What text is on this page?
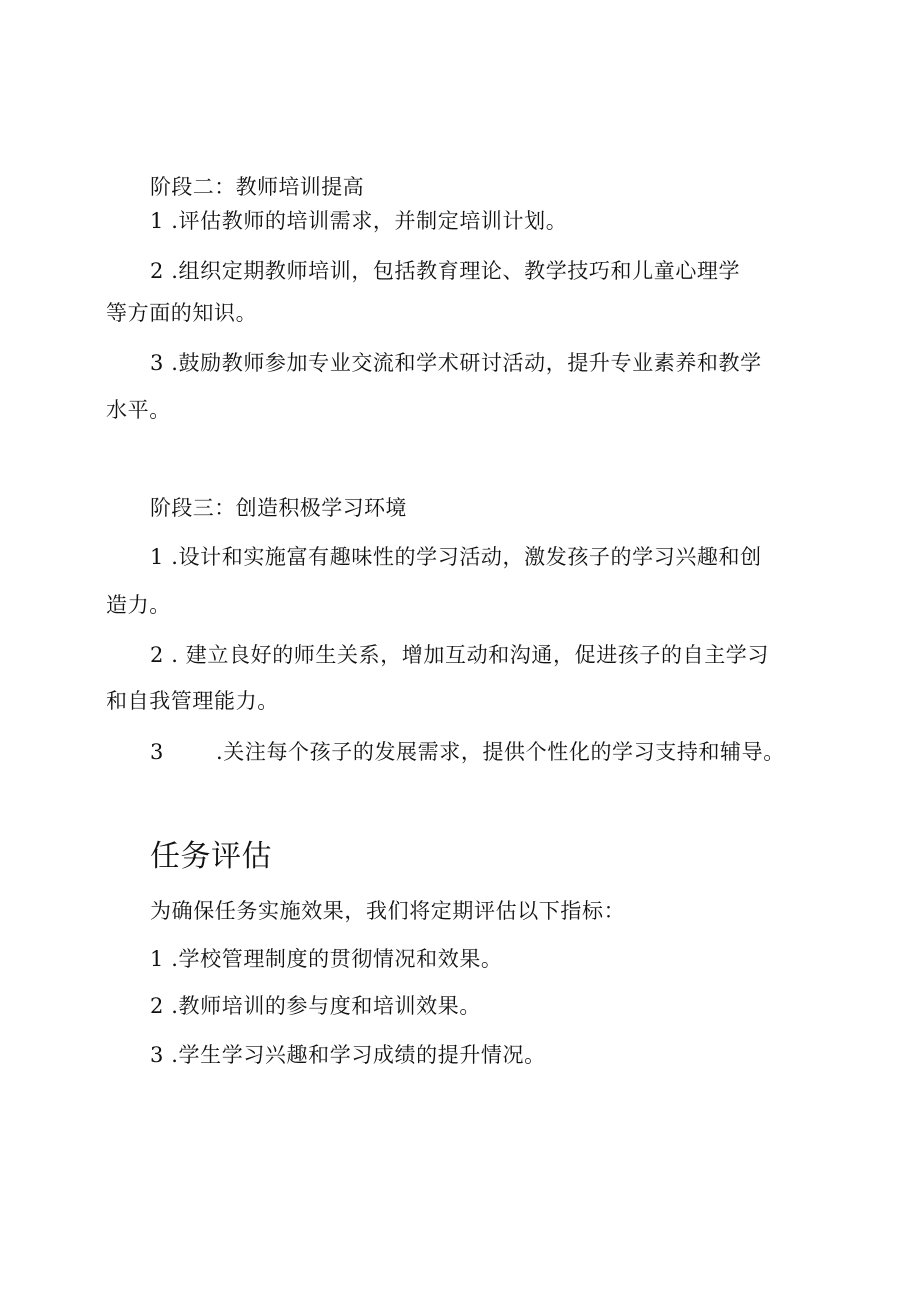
阶段二：教师培训提高
1 .评估教师的培训需求，并制定培训计划。
2 .组织定期教师培训，包括教育理论、教学技巧和儿童心理学
等方面的知识。
3 .鼓励教师参加专业交流和学术研讨活动，提升专业素养和教学
水平。
阶段三：创造积极学习环境
1 .设计和实施富有趣味性的学习活动，激发孩子的学习兴趣和创
造力。
2 . 建立良好的师生关系，增加互动和沟通，促进孩子的自主学习
和自我管理能力。
3 .关注每个孩子的发展需求，提供个性化的学习支持和辅导。
任务评估
为确保任务实施效果，我们将定期评估以下指标：
1 .学校管理制度的贯彻情况和效果。
2 .教师培训的参与度和培训效果。
3 .学生学习兴趣和学习成绩的提升情况。
